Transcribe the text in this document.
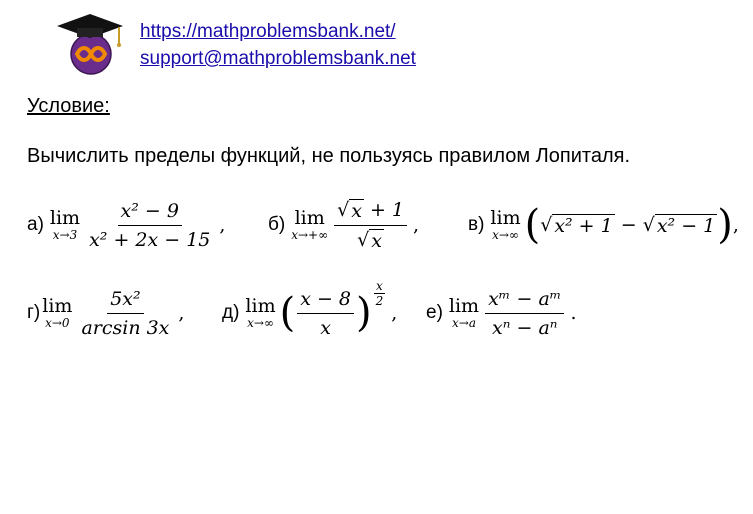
https://mathproblemsbank.net/
support@mathproblemsbank.net
Условие:
Вычислить пределы функций, не пользуясь правилом Лопиталя.
а) lim
$x\to 3 \frac{\text{x² − 9}}{\text{x² + 2x − 15}}$ , б) lim
$x\to+\infty \frac{√ x + 1}{√ x}$ ,	в) lim
x→∞ ( √ x² + 1 − √ x² − 1 ) ,
г) lim
$x\to 0 \frac{\text{5x²}}{\arcsin 3x}$ , д) lim
x→∞ ( $\frac{x - 8}{x}$ ) $\frac{x}{2}$
, е) lim
$x\to a \frac{\text{xᵐ − aᵐ}}{\text{xⁿ − aⁿ}}$ .
